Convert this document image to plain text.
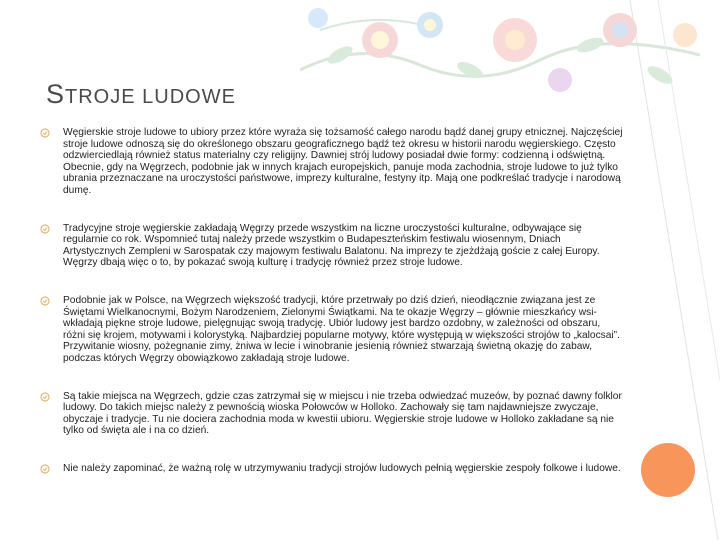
STROJE LUDOWE

Węgierskie stroje ludowe to ubiory przez które wyraża się tożsamość całego narodu bądź danej grupy etnicznej. Najczęściej stroje ludowe odnoszą się do określonego obszaru geograficznego bądź też okresu w historii narodu węgierskiego. Często odzwierciedlają również status materialny czy religijny. Dawniej strój ludowy posiadał dwie formy: codzienną i odświętną. Obecnie, gdy na Węgrzech, podobnie jak w innych krajach europejskich, panuje moda zachodnia, stroje ludowe to już tylko ubrania przeznaczane na uroczystości państwowe, imprezy kulturalne, festyny itp. Mają one podkreślać tradycje i narodową dumę.

Tradycyjne stroje węgierskie zakładają Węgrzy przede wszystkim na liczne uroczystości kulturalne, odbywające się regularnie co rok. Wspomnieć tutaj należy przede wszystkim o Budapeszteńskim festiwalu wiosennym, Dniach Artystycznych Zempleni w Sarospatak czy majowym festiwalu Balatonu. Na imprezy te zjeżdżają goście z całej Europy. Węgrzy dbają więc o to, by pokazać swoją kulturę i tradycję również przez stroje ludowe.

Podobnie jak w Polsce, na Węgrzech większość tradycji, które przetrwały po dziś dzień, nieodłącznie związana jest ze Świętami Wielkanocnymi, Bożym Narodzeniem, Zielonymi Świątkami. Na te okazje Węgrzy – głównie mieszkańcy wsi-wkładają piękne stroje ludowe, pielęgnując swoją tradycję. Ubiór ludowy jest bardzo ozdobny, w zależności od obszaru, różni się krojem, motywami i kolorystyką. Najbardziej popularne motywy, które występują w większości strojów to „kalocsai”. Przywitanie wiosny, pożegnanie zimy, żniwa w lecie i winobranie jesienią również stwarzają świetną okazję do zabaw, podczas których Węgrzy obowiązkowo zakładają stroje ludowe.

Są takie miejsca na Węgrzech, gdzie czas zatrzymał się w miejscu i nie trzeba odwiedzać muzeów, by poznać dawny folklor ludowy. Do takich miejsc należy z pewnością wioska Połowców w Holloko. Zachowały się tam najdawniejsze zwyczaje, obyczaje i tradycje. Tu nie dociera zachodnia moda w kwestii ubioru. Węgierskie stroje ludowe w Holloko zakładane są nie tylko od święta ale i na co dzień.

Nie należy zapominać, że ważną rolę w utrzymywaniu tradycji strojów ludowych pełnią węgierskie zespoły folkowe i ludowe.
